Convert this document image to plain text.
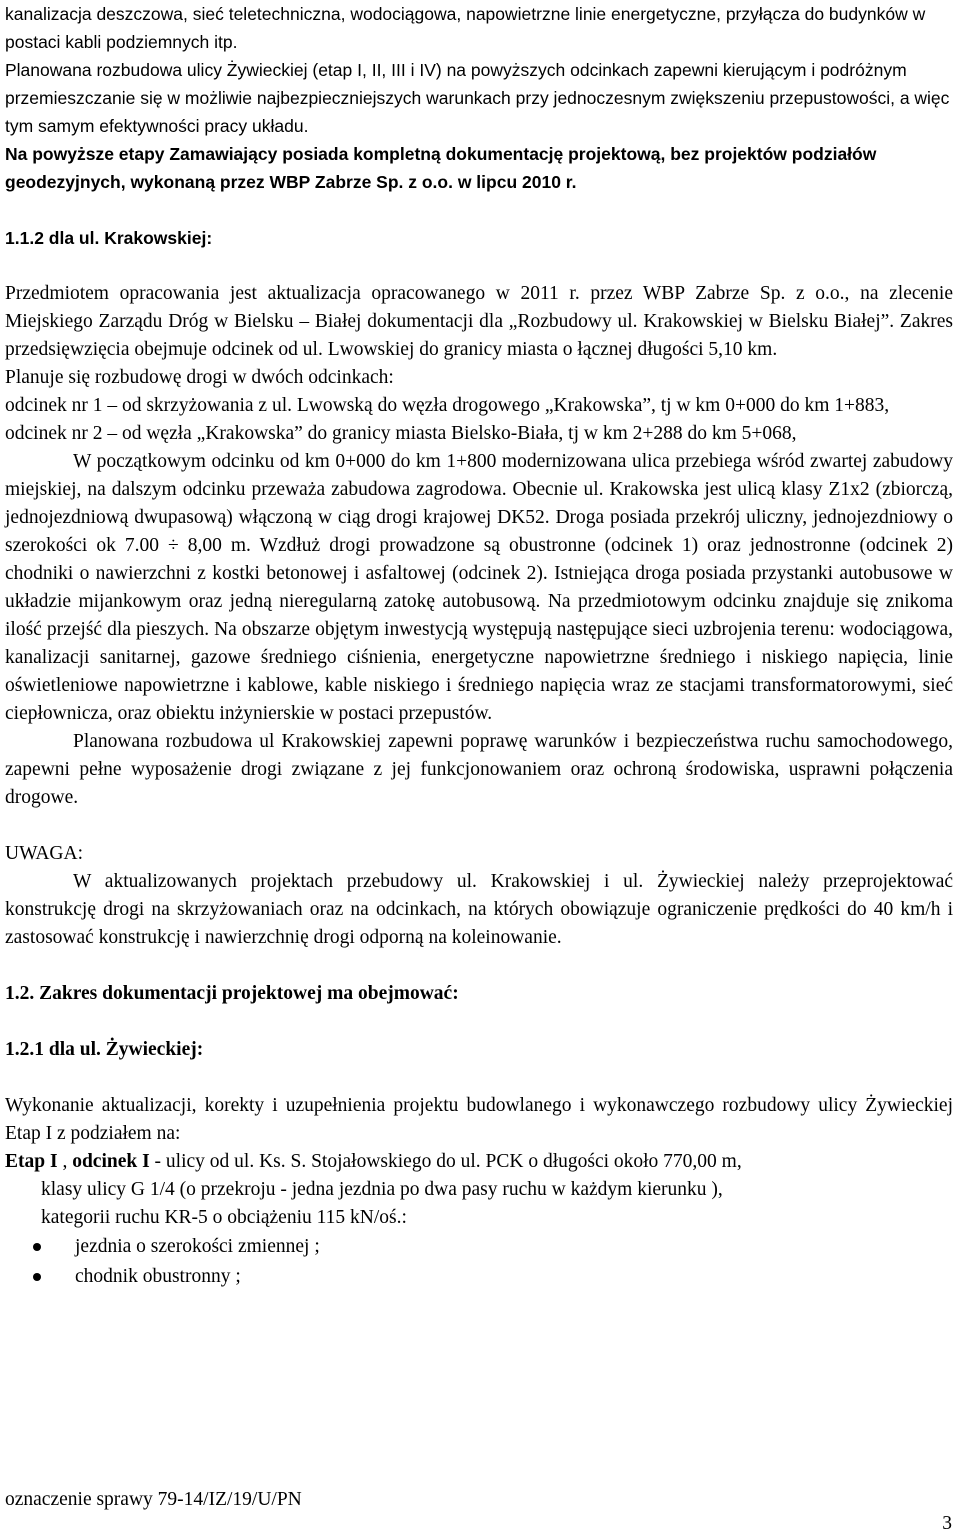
kanalizacja deszczowa, sieć teletechniczna, wodociągowa, napowietrzne linie energetyczne, przyłącza do budynków w postaci kabli podziemnych itp.

Planowana rozbudowa ulicy Żywieckiej (etap I, II, III i IV) na powyższych odcinkach zapewni kierującym i podróżnym przemieszczanie się w możliwie najbezpieczniejszych warunkach przy jednoczesnym zwiększeniu przepustowości, a więc tym samym efektywności pracy układu.

Na powyższe etapy Zamawiający posiada kompletną dokumentację projektową, bez projektów podziałów geodezyjnych, wykonaną przez WBP Zabrze Sp. z o.o. w lipcu 2010 r.

1.1.2 dla ul. Krakowskiej:

Przedmiotem opracowania jest aktualizacja opracowanego w 2011 r. przez WBP Zabrze Sp. z o.o., na zlecenie Miejskiego Zarządu Dróg w Bielsku – Białej dokumentacji dla „Rozbudowy ul. Krakowskiej w Bielsku Białej”. Zakres przedsięwzięcia obejmuje odcinek od ul. Lwowskiej do granicy miasta o łącznej długości 5,10 km.

Planuje się rozbudowę drogi w dwóch odcinkach:

odcinek nr 1 – od skrzyżowania z ul. Lwowską do węzła drogowego „Krakowska”, tj w km 0+000 do km 1+883,

odcinek nr 2 – od węzła „Krakowska” do granicy miasta Bielsko-Biała, tj w km 2+288 do km 5+068,

W początkowym odcinku od km 0+000 do km 1+800 modernizowana ulica przebiega wśród zwartej zabudowy miejskiej, na dalszym odcinku przeważa zabudowa zagrodowa. Obecnie ul. Krakowska jest ulicą klasy Z1x2 (zbiorczą, jednojezdniową dwupasową) włączoną w ciąg drogi krajowej DK52. Droga posiada przekrój uliczny, jednojezdniowy o szerokości ok 7.00 ÷ 8,00 m. Wzdłuż drogi prowadzone są obustronne (odcinek 1) oraz jednostronne (odcinek 2) chodniki o nawierzchni z kostki betonowej i asfaltowej (odcinek 2). Istniejąca droga posiada przystanki autobusowe w układzie mijankowym oraz jedną nieregularną zatokę autobusową. Na przedmiotowym odcinku znajduje się znikoma ilość przejść dla pieszych. Na obszarze objętym inwestycją występują następujące sieci uzbrojenia terenu: wodociągowa, kanalizacji sanitarnej, gazowe średniego ciśnienia, energetyczne napowietrzne średniego i niskiego napięcia, linie oświetleniowe napowietrzne i kablowe, kable niskiego i średniego napięcia wraz ze stacjami transformatorowymi, sieć ciepłownicza, oraz obiektu inżynierskie w postaci przepustów.

Planowana rozbudowa ul Krakowskiej zapewni poprawę warunków i bezpieczeństwa ruchu samochodowego, zapewni pełne wyposażenie drogi związane z jej funkcjonowaniem oraz ochroną środowiska, usprawni połączenia drogowe.

UWAGA:

W aktualizowanych projektach przebudowy ul. Krakowskiej i ul. Żywieckiej należy przeprojektować konstrukcję drogi na skrzyżowaniach oraz na odcinkach, na których obowiązuje ograniczenie prędkości do 40 km/h i zastosować konstrukcję i nawierzchnię drogi odporną na koleinowanie.

1.2. Zakres dokumentacji projektowej ma obejmować:

1.2.1 dla ul. Żywieckiej:

Wykonanie aktualizacji, korekty i uzupełnienia projektu budowlanego i wykonawczego rozbudowy ulicy Żywieckiej Etap I z podziałem na:

Etap I , odcinek I - ulicy od ul. Ks. S. Stojałowskiego do ul. PCK o długości około 770,00 m,

klasy ulicy G 1/4 (o przekroju - jedna jezdnia po dwa pasy ruchu w każdym kierunku ),

kategorii ruchu KR-5 o obciążeniu 115 kN/oś.:

jezdnia o szerokości zmiennej ;
chodnik obustronny ;
oznaczenie sprawy 79-14/IZ/19/U/PN
3
